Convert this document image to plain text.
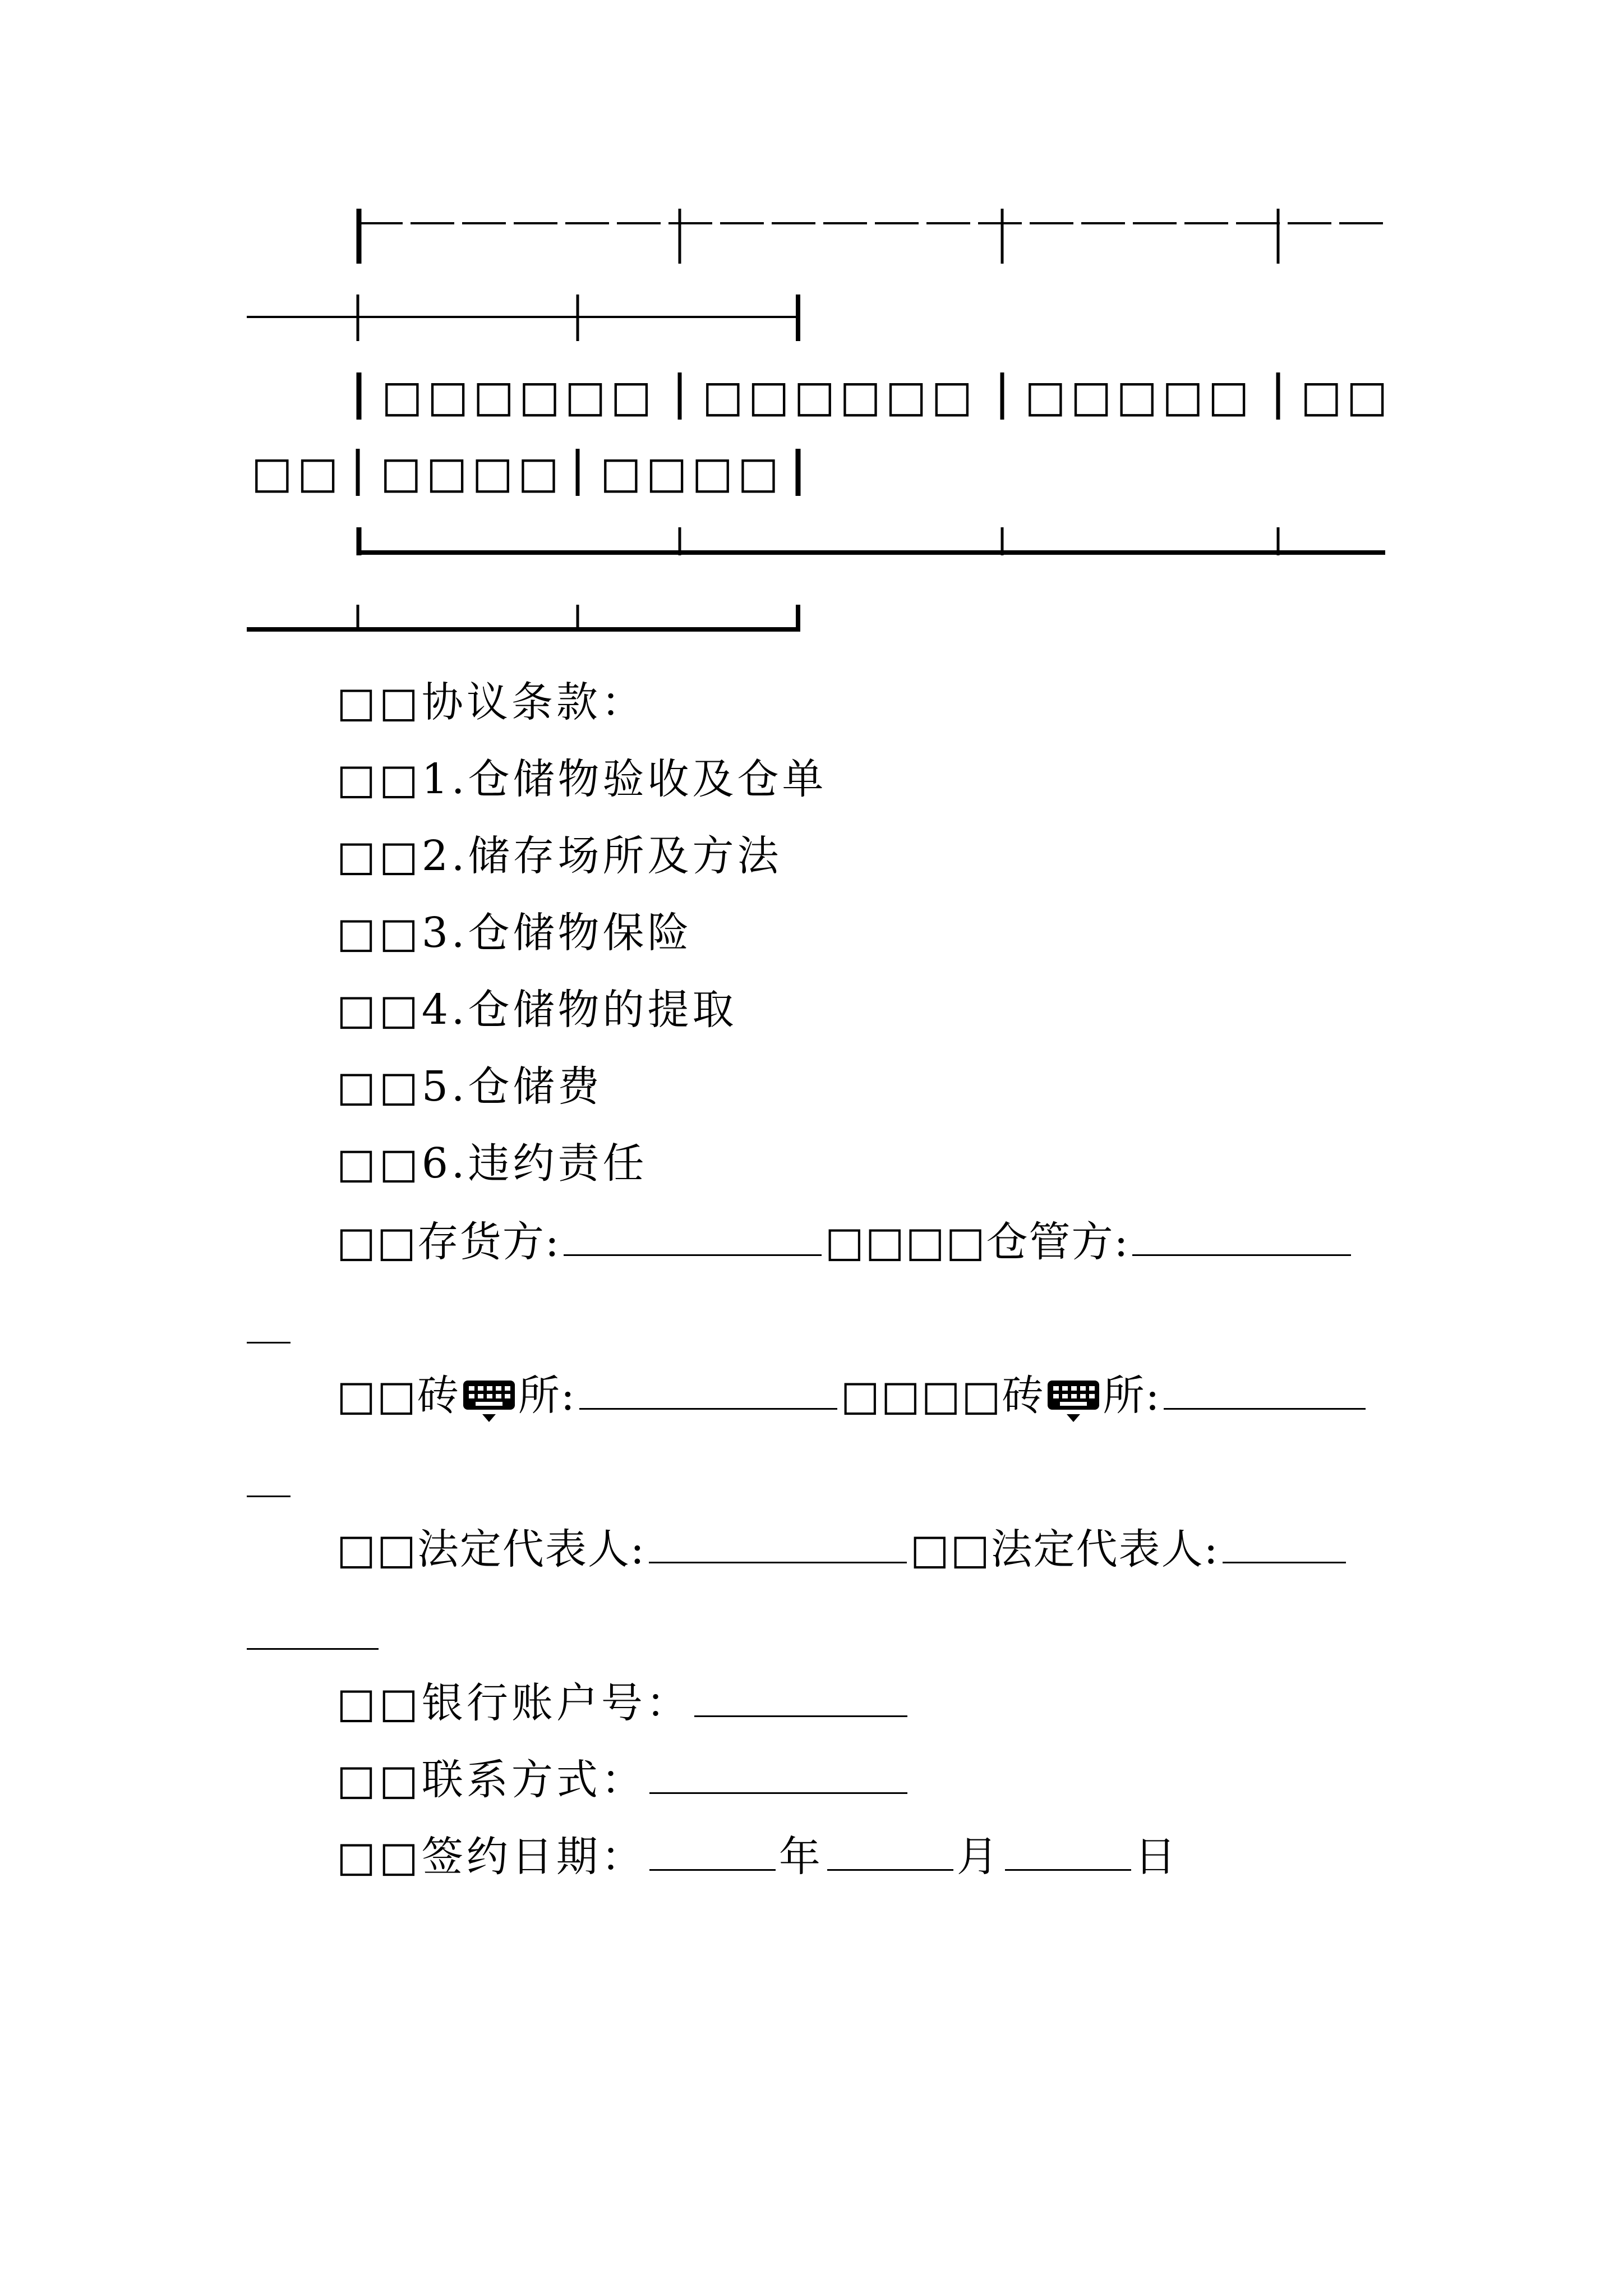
□□□□□□ □□□□□□ □□□□□ □□
□□ □□□□ □□□□
□□协议条款：
□□1.仓储物验收及仓单
□□2.储存场所及方法
□□3.仓储物保险
□□4.仓储物的提取
□□5.仓储费
□□6.违约责任
□□存货方:	□□□□仓管方:
□□砖 所:	□□□□砖 所:
□□法定代表人:	□□法定代表人:
□□银行账户号：
□□联系方式：
□□签约日期：	年	月	日
